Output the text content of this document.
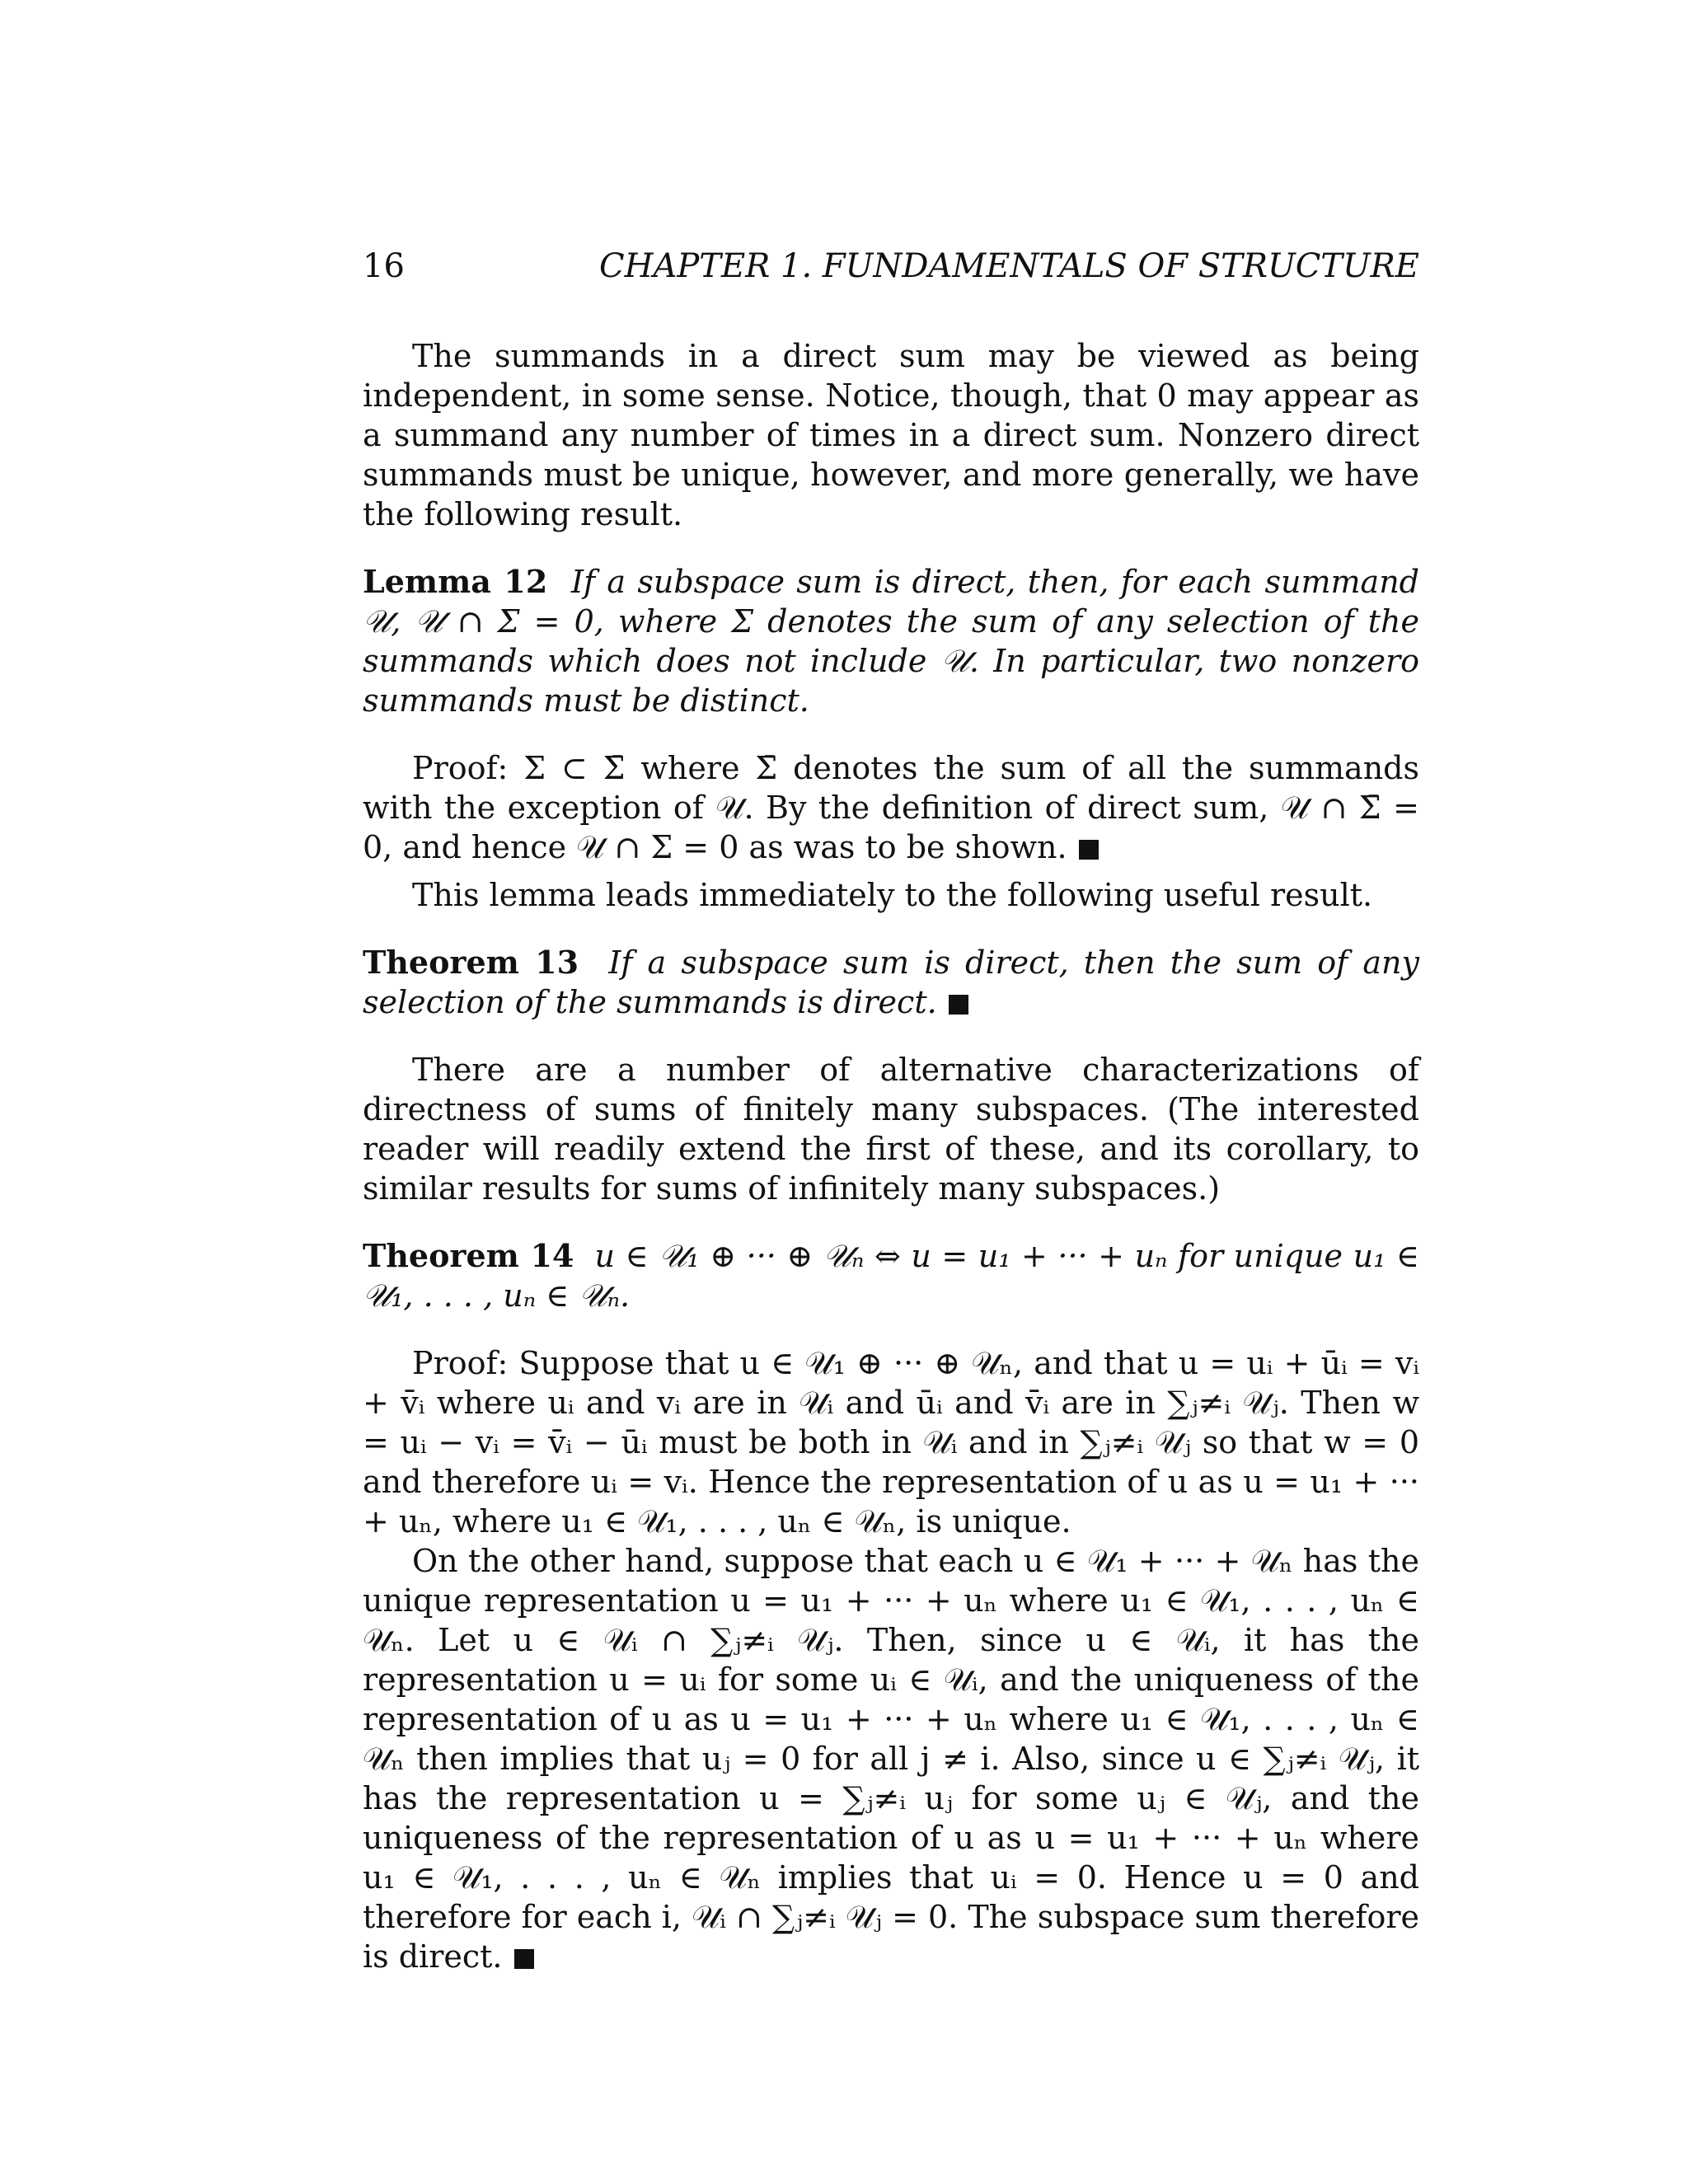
16	CHAPTER 1. FUNDAMENTALS OF STRUCTURE

The summands in a direct sum may be viewed as being independent, in some sense. Notice, though, that 0 may appear as a summand any number of times in a direct sum. Nonzero direct summands must be unique, however, and more generally, we have the following result.

Lemma 12 If a subspace sum is direct, then, for each summand 𝒰, 𝒰 ∩ Σ = 0, where Σ denotes the sum of any selection of the summands which does not include 𝒰. In particular, two nonzero summands must be distinct.

Proof: Σ ⊂ Σ̄ where Σ̄ denotes the sum of all the summands with the exception of 𝒰. By the definition of direct sum, 𝒰 ∩ Σ̄ = 0, and hence 𝒰 ∩ Σ = 0 as was to be shown.

This lemma leads immediately to the following useful result.

Theorem 13 If a subspace sum is direct, then the sum of any selection of the summands is direct.

There are a number of alternative characterizations of directness of sums of finitely many subspaces. (The interested reader will readily extend the first of these, and its corollary, to similar results for sums of infinitely many subspaces.)

Theorem 14 u ∈ 𝒰₁ ⊕ ··· ⊕ 𝒰ₙ ⇔ u = u₁ + ··· + uₙ for unique u₁ ∈ 𝒰₁, . . . , uₙ ∈ 𝒰ₙ.

Proof: Suppose that u ∈ 𝒰₁ ⊕ ··· ⊕ 𝒰ₙ, and that u = uᵢ + ūᵢ = vᵢ + v̄ᵢ where uᵢ and vᵢ are in 𝒰ᵢ and ūᵢ and v̄ᵢ are in ∑ⱼ≠ᵢ 𝒰ⱼ. Then w = uᵢ − vᵢ = v̄ᵢ − ūᵢ must be both in 𝒰ᵢ and in ∑ⱼ≠ᵢ 𝒰ⱼ so that w = 0 and therefore uᵢ = vᵢ. Hence the representation of u as u = u₁ + ··· + uₙ, where u₁ ∈ 𝒰₁, . . . , uₙ ∈ 𝒰ₙ, is unique.

On the other hand, suppose that each u ∈ 𝒰₁ + ··· + 𝒰ₙ has the unique representation u = u₁ + ··· + uₙ where u₁ ∈ 𝒰₁, . . . , uₙ ∈ 𝒰ₙ. Let u ∈ 𝒰ᵢ ∩ ∑ⱼ≠ᵢ 𝒰ⱼ. Then, since u ∈ 𝒰ᵢ, it has the representation u = uᵢ for some uᵢ ∈ 𝒰ᵢ, and the uniqueness of the representation of u as u = u₁ + ··· + uₙ where u₁ ∈ 𝒰₁, . . . , uₙ ∈ 𝒰ₙ then implies that uⱼ = 0 for all j ≠ i. Also, since u ∈ ∑ⱼ≠ᵢ 𝒰ⱼ, it has the representation u = ∑ⱼ≠ᵢ uⱼ for some uⱼ ∈ 𝒰ⱼ, and the uniqueness of the representation of u as u = u₁ + ··· + uₙ where u₁ ∈ 𝒰₁, . . . , uₙ ∈ 𝒰ₙ implies that uᵢ = 0. Hence u = 0 and therefore for each i, 𝒰ᵢ ∩ ∑ⱼ≠ᵢ 𝒰ⱼ = 0. The subspace sum therefore is direct.
